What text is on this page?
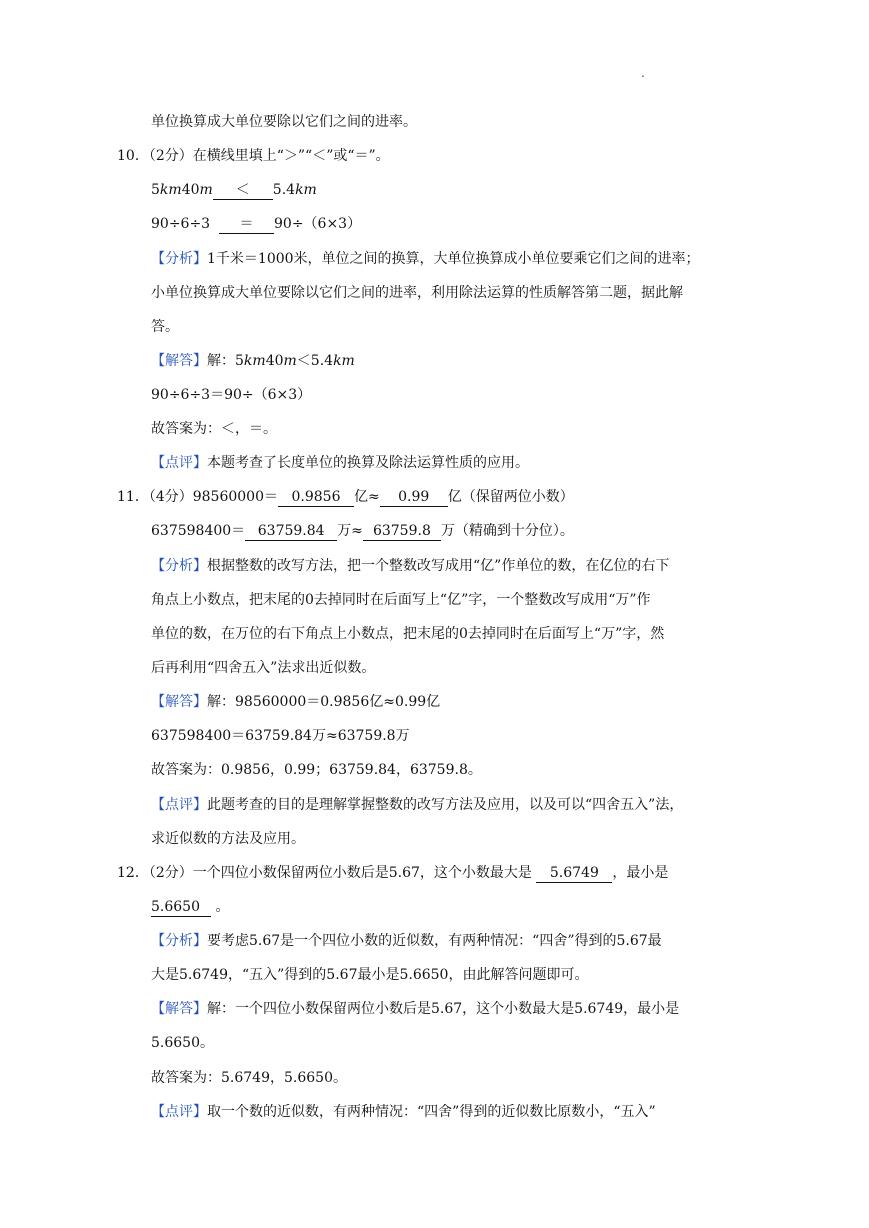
.
单位换算成大单位要除以它们之间的进率。
10．（2分）在横线里填上“＞”“＜”或“＝”。
5km40m ＜ 5.4km
90÷6÷3 ＝ 90÷（6×3）
【分析】1千米＝1000米，单位之间的换算，大单位换算成小单位要乘它们之间的进率；
小单位换算成大单位要除以它们之间的进率，利用除法运算的性质解答第二题，据此解
答。
【解答】解：5km40m＜5.4km
90÷6÷3＝90÷（6×3）
故答案为：＜，＝。
【点评】本题考查了长度单位的换算及除法运算性质的应用。
11．（4分）98560000＝ 0.9856 亿≈ 0.99 亿（保留两位小数）
637598400＝ 63759.84 万≈ 63759.8 万（精确到十分位）。
【分析】根据整数的改写方法，把一个整数改写成用“亿”作单位的数，在亿位的右下
角点上小数点，把末尾的0去掉同时在后面写上“亿”字，一个整数改写成用“万”作
单位的数，在万位的右下角点上小数点，把末尾的0去掉同时在后面写上“万”字，然
后再利用“四舍五入”法求出近似数。
【解答】解：98560000＝0.9856亿≈0.99亿
637598400＝63759.84万≈63759.8万
故答案为：0.9856，0.99；63759.84，63759.8。
【点评】此题考查的目的是理解掌握整数的改写方法及应用，以及可以“四舍五入”法，
求近似数的方法及应用。
12．（2分）一个四位小数保留两位小数后是5.67，这个小数最大是 5.6749 ，最小是
5.6650 。
【分析】要考虑5.67是一个四位小数的近似数，有两种情况：“四舍”得到的5.67最
大是5.6749，“五入”得到的5.67最小是5.6650，由此解答问题即可。
【解答】解：一个四位小数保留两位小数后是5.67，这个小数最大是5.6749，最小是
5.6650。
故答案为：5.6749，5.6650。
【点评】取一个数的近似数，有两种情况：“四舍”得到的近似数比原数小，“五入”
